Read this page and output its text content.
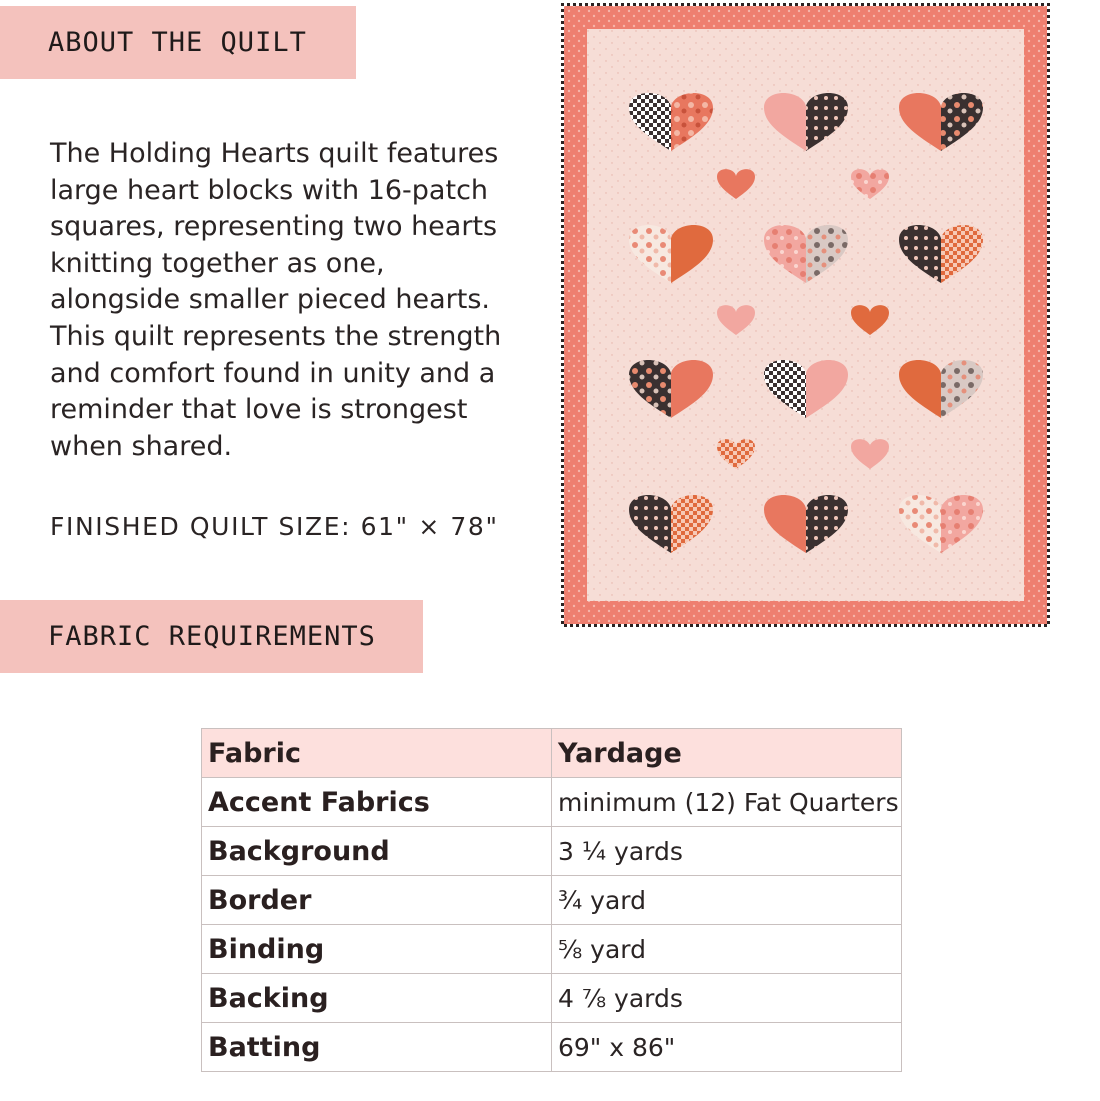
ABOUT THE QUILT

The Holding Hearts quilt features large heart blocks with 16-patch squares, representing two hearts knitting together as one, alongside smaller pieced hearts. This quilt represents the strength and comfort found in unity and a reminder that love is strongest when shared.

FINISHED QUILT SIZE: 61" × 78"

FABRIC REQUIREMENTS
Fabric	Yardage
Accent Fabrics	minimum (12) Fat Quarters
Background	3 ¼ yards
Border	¾ yard
Binding	⅝ yard
Backing	4 ⅞ yards
Batting	69" x 86"
